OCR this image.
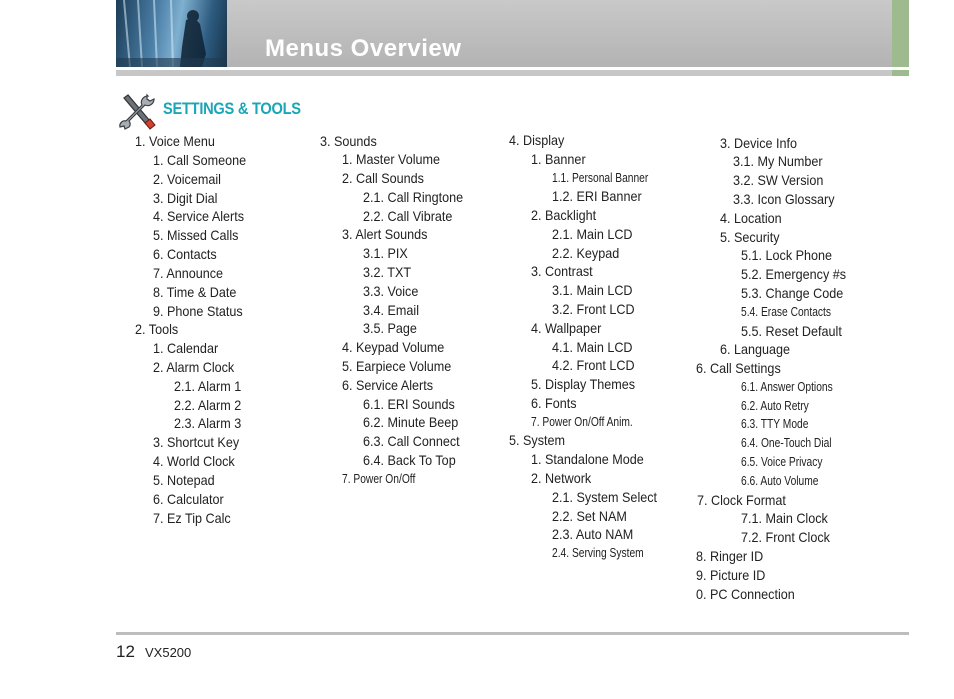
Menus Overview
SETTINGS & TOOLS
1. Voice Menu
1. Call Someone
2. Voicemail
3. Digit Dial
4. Service Alerts
5. Missed Calls
6. Contacts
7. Announce
8. Time & Date
9. Phone Status
2. Tools
1. Calendar
2. Alarm Clock
2.1. Alarm 1
2.2. Alarm 2
2.3. Alarm 3
3. Shortcut Key
4. World Clock
5. Notepad
6. Calculator
7. Ez Tip Calc
3. Sounds
1. Master Volume
2. Call Sounds
2.1. Call Ringtone
2.2. Call Vibrate
3. Alert Sounds
3.1. PIX
3.2. TXT
3.3. Voice
3.4. Email
3.5. Page
4. Keypad Volume
5. Earpiece Volume
6. Service Alerts
6.1. ERI Sounds
6.2. Minute Beep
6.3. Call Connect
6.4. Back To Top
7. Power On/Off
4. Display
1. Banner
1.1. Personal Banner
1.2. ERI Banner
2. Backlight
2.1. Main LCD
2.2. Keypad
3. Contrast
3.1. Main LCD
3.2. Front LCD
4. Wallpaper
4.1. Main LCD
4.2. Front LCD
5. Display Themes
6. Fonts
7. Power On/Off Anim.
5. System
1. Standalone Mode
2. Network
2.1. System Select
2.2. Set NAM
2.3. Auto NAM
2.4. Serving System
3. Device Info
3.1. My Number
3.2. SW Version
3.3. Icon Glossary
4. Location
5. Security
5.1. Lock Phone
5.2. Emergency #s
5.3. Change Code
5.4. Erase Contacts
5.5. Reset Default
6. Language
6. Call Settings
6.1. Answer Options
6.2. Auto Retry
6.3. TTY Mode
6.4. One-Touch Dial
6.5. Voice Privacy
6.6. Auto Volume
7. Clock Format
7.1. Main Clock
7.2. Front Clock
8. Ringer ID
9. Picture ID
0. PC Connection
12 VX5200
